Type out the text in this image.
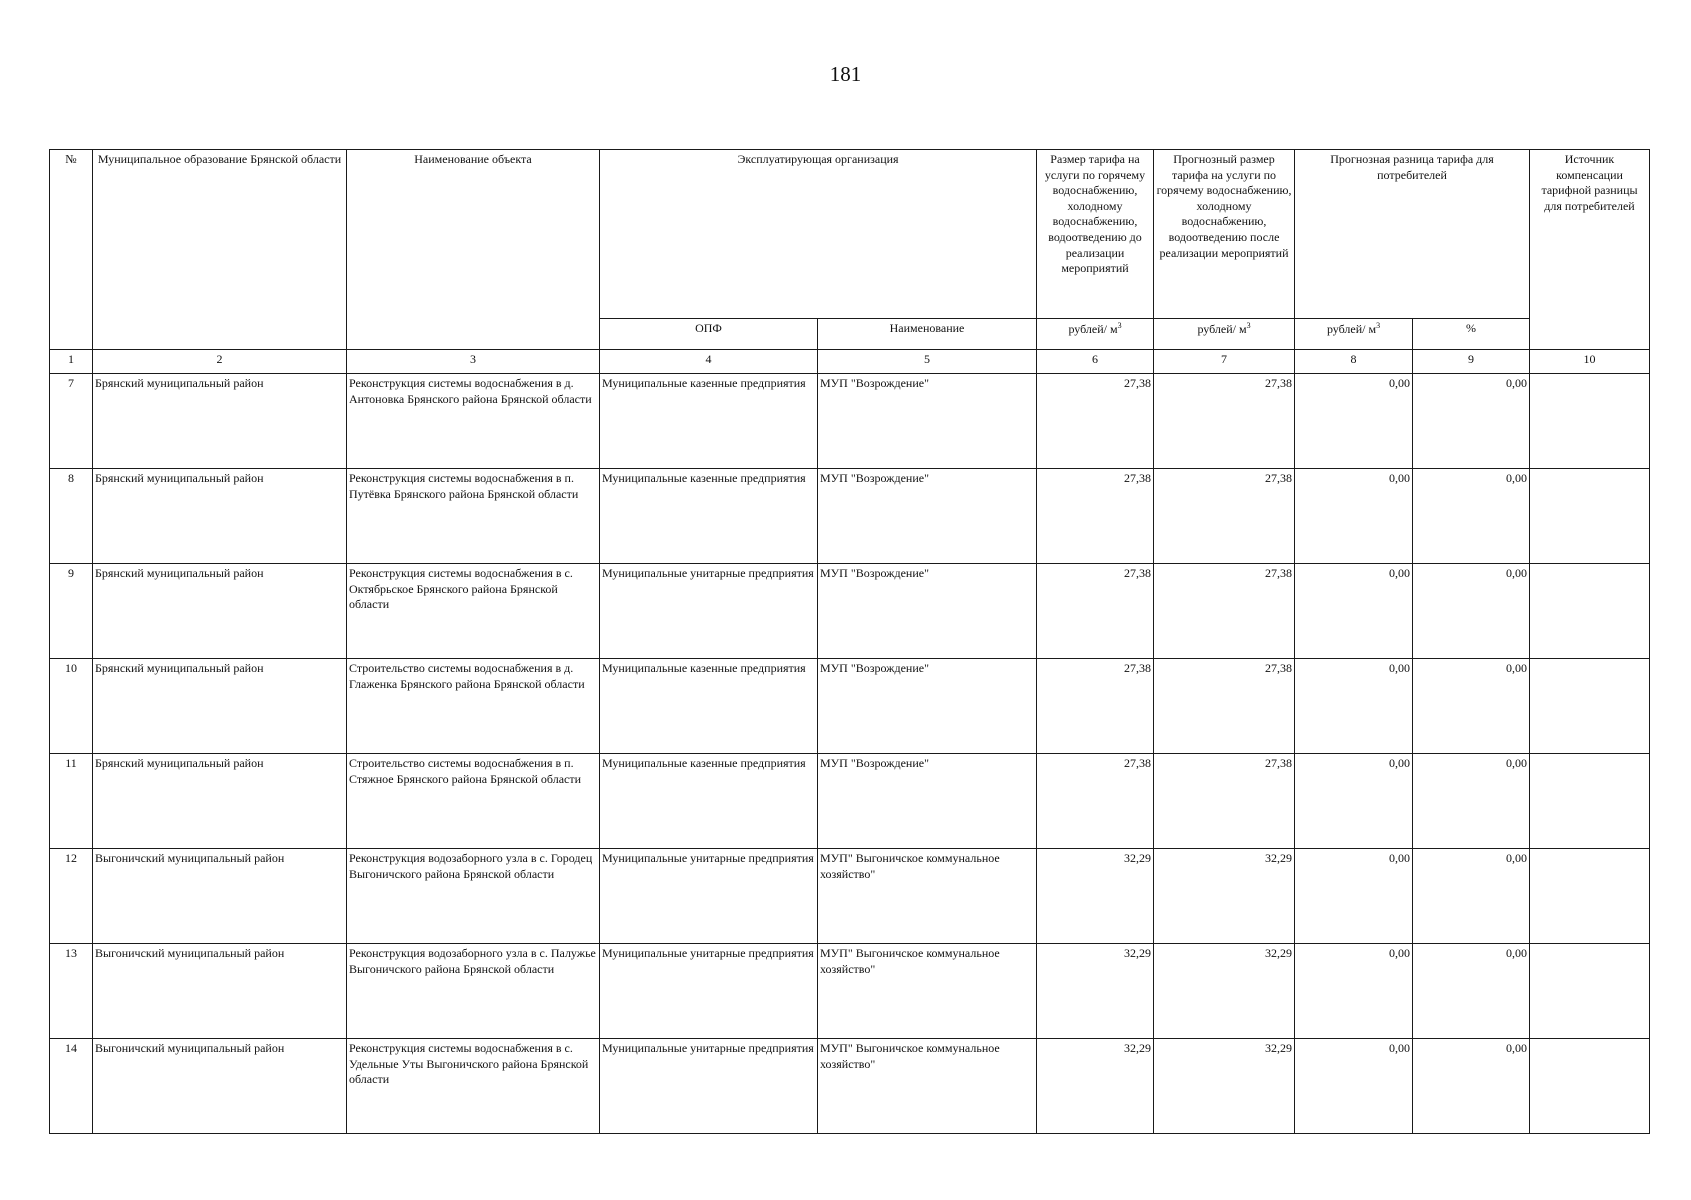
181
№	Муниципальное образование Брянской области	Наименование объекта	Эксплуатирующая организация		Размер тарифа на услуги по горячему водоснабжению, холодному водоснабжению, водоотведению до реализации мероприятий	Прогнозный размер тарифа на услуги по горячему водоснабжению, холодному водоснабжению, водоотведению после реализации мероприятий	Прогнозная разница тарифа для потребителей		Источник компенсации тарифной разницы для потребителей
			ОПФ	Наименование	рублей/ $м^3$	рублей/ $м^3$	рублей/ $м^3$	%	
1	2	3	4	5	6	7	8	9	10
7	Брянский муниципальный район	Реконструкция системы водоснабжения в д. Антоновка Брянского района Брянской области	Муниципальные казенные предприятия	МУП "Возрождение"	27,38	27,38	0,00	0,00	
8	Брянский муниципальный район	Реконструкция системы водоснабжения в п. Путёвка Брянского района Брянской области	Муниципальные казенные предприятия	МУП "Возрождение"	27,38	27,38	0,00	0,00	
9	Брянский муниципальный район	Реконструкция системы водоснабжения в с. Октябрьское Брянского района Брянской области	Муниципальные унитарные предприятия	МУП "Возрождение"	27,38	27,38	0,00	0,00	
10	Брянский муниципальный район	Строительство системы водоснабжения в д. Глаженка Брянского района Брянской области	Муниципальные казенные предприятия	МУП "Возрождение"	27,38	27,38	0,00	0,00	
11	Брянский муниципальный район	Строительство системы водоснабжения в п. Стяжное Брянского района Брянской области	Муниципальные казенные предприятия	МУП "Возрождение"	27,38	27,38	0,00	0,00	
12	Выгоничский муниципальный район	Реконструкция водозаборного узла в с. Городец Выгоничского района Брянской области	Муниципальные унитарные предприятия	МУП" Выгоничское коммунальное хозяйство"	32,29	32,29	0,00	0,00	
13	Выгоничский муниципальный район	Реконструкция водозаборного узла в с. Палужье Выгоничского района Брянской области	Муниципальные унитарные предприятия	МУП" Выгоничское коммунальное хозяйство"	32,29	32,29	0,00	0,00	
14	Выгоничский муниципальный район	Реконструкция системы водоснабжения в с. Удельные Уты Выгоничского района Брянской области	Муниципальные унитарные предприятия	МУП" Выгоничское коммунальное хозяйство"	32,29	32,29	0,00	0,00	
